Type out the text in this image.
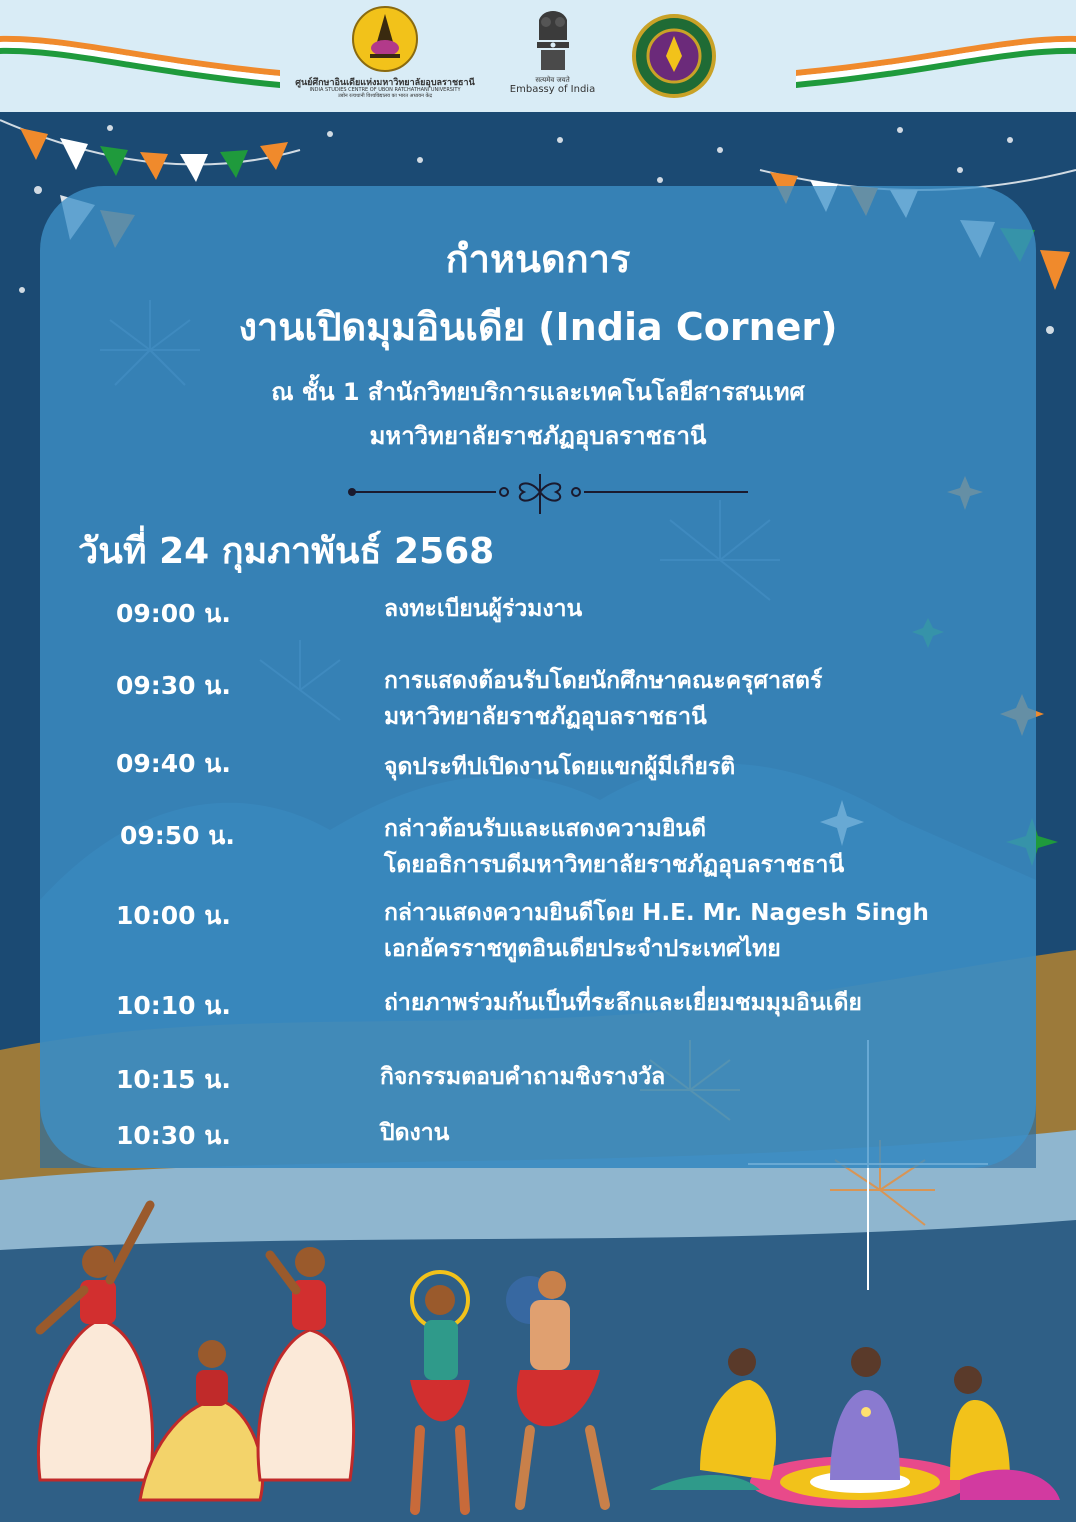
ศูนย์ศึกษาอินเดียแห่งมหาวิทยาลัยอุบลราชธานี
INDIA STUDIES CENTRE OF UBON RATCHATHANI UNIVERSITY
उबोन रत्चथानी विश्वविद्यालय का भारत अध्ययन केंद्र
सत्यमेव जयते
Embassy of India
กำหนดการ
งานเปิดมุมอินเดีย (India Corner)
ณ ชั้น 1 สำนักวิทยบริการและเทคโนโลยีสารสนเทศ
มหาวิทยาลัยราชภัฏอุบลราชธานี
วันที่ 24 กุมภาพันธ์ 2568
09:00 น.	ลงทะเบียนผู้ร่วมงาน
09:30 น.	การแสดงต้อนรับโดยนักศึกษาคณะครุศาสตร์
มหาวิทยาลัยราชภัฏอุบลราชธานี
09:40 น.	จุดประทีปเปิดงานโดยแขกผู้มีเกียรติ
09:50 น.	กล่าวต้อนรับและแสดงความยินดี
โดยอธิการบดีมหาวิทยาลัยราชภัฏอุบลราชธานี
10:00 น.	กล่าวแสดงความยินดีโดย H.E. Mr. Nagesh Singh
เอกอัครราชทูตอินเดียประจำประเทศไทย
10:10 น.	ถ่ายภาพร่วมกันเป็นที่ระลึกและเยี่ยมชมมุมอินเดีย
10:15 น.	กิจกรรมตอบคำถามชิงรางวัล
10:30 น.	ปิดงาน
